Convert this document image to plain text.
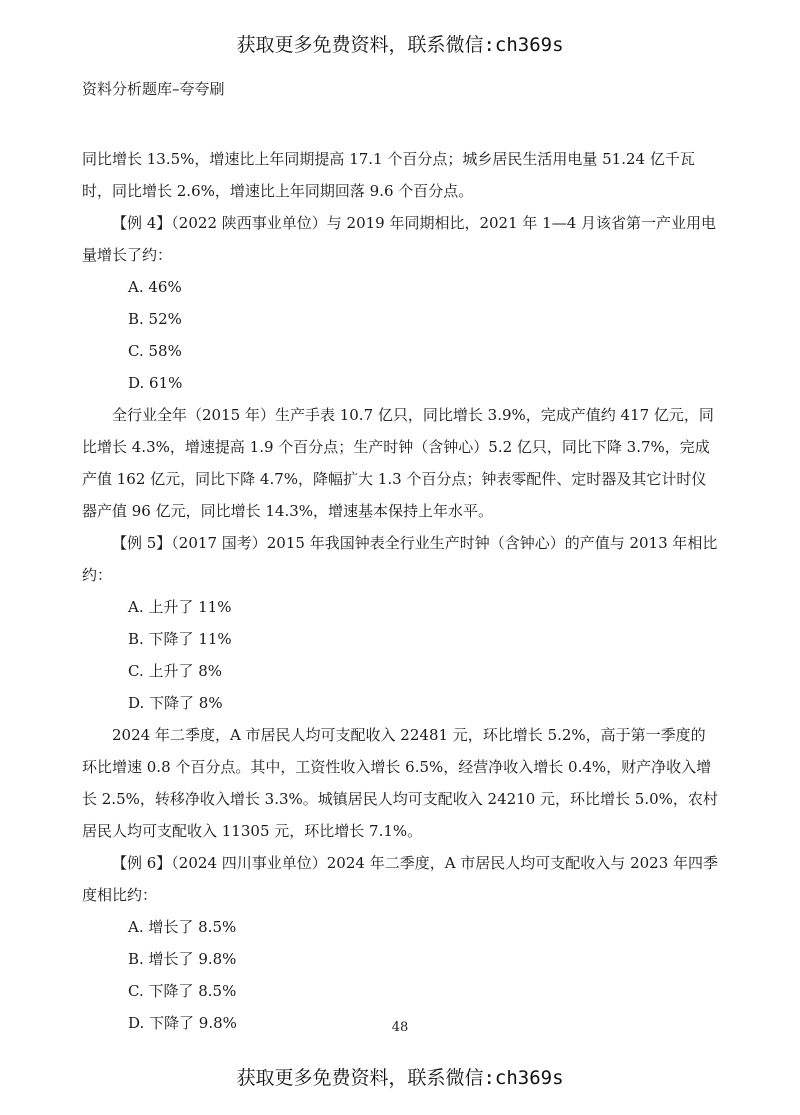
获取更多免费资料，联系微信:ch369s
资料分析题库–夸夸刷

同比增长 13.5%，增速比上年同期提高 17.1 个百分点；城乡居民生活用电量 51.24 亿千瓦时，同比增长 2.6%，增速比上年同期回落 9.6 个百分点。

【例 4】（2022 陕西事业单位）与 2019 年同期相比，2021 年 1—4 月该省第一产业用电量增长了约：

A. 46%

B. 52%

C. 58%

D. 61%

全行业全年（2015 年）生产手表 10.7 亿只，同比增长 3.9%，完成产值约 417 亿元，同比增长 4.3%，增速提高 1.9 个百分点；生产时钟（含钟心）5.2 亿只，同比下降 3.7%，完成产值 162 亿元，同比下降 4.7%，降幅扩大 1.3 个百分点；钟表零配件、定时器及其它计时仪器产值 96 亿元，同比增长 14.3%，增速基本保持上年水平。

【例 5】（2017 国考）2015 年我国钟表全行业生产时钟（含钟心）的产值与 2013 年相比约：

A. 上升了 11%

B. 下降了 11%

C. 上升了 8%

D. 下降了 8%

2024 年二季度，A 市居民人均可支配收入 22481 元，环比增长 5.2%，高于第一季度的环比增速 0.8 个百分点。其中，工资性收入增长 6.5%，经营净收入增长 0.4%，财产净收入增长 2.5%，转移净收入增长 3.3%。城镇居民人均可支配收入 24210 元，环比增长 5.0%，农村居民人均可支配收入 11305 元，环比增长 7.1%。

【例 6】（2024 四川事业单位）2024 年二季度，A 市居民人均可支配收入与 2023 年四季度相比约：

A. 增长了 8.5%

B. 增长了 9.8%

C. 下降了 8.5%

D. 下降了 9.8%	48
获取更多免费资料，联系微信:ch369s
